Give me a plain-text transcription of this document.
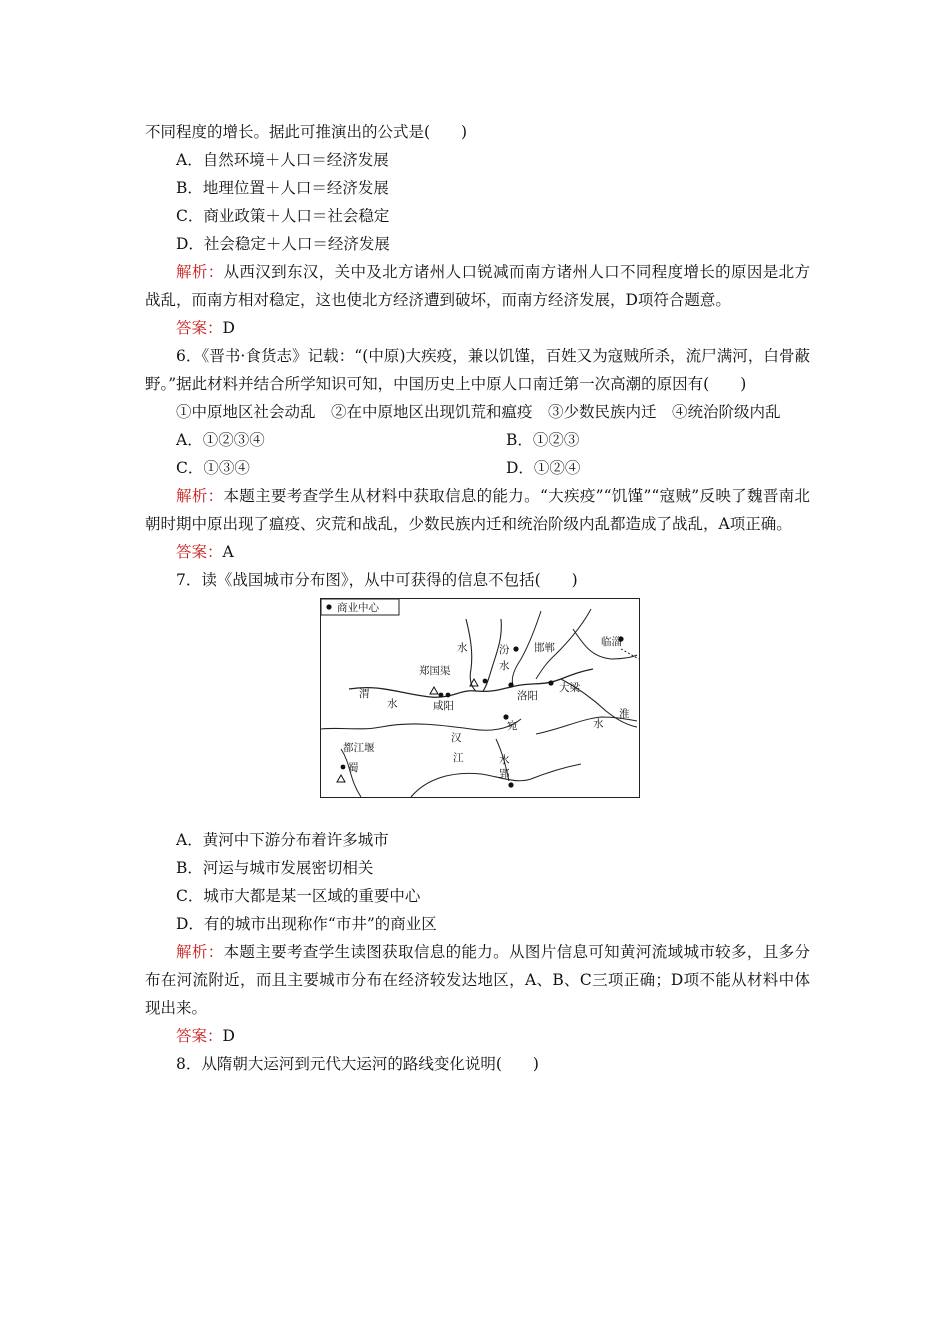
不同程度的增长。据此可推演出的公式是(　　)
A．自然环境＋人口＝经济发展
B．地理位置＋人口＝经济发展
C．商业政策＋人口＝社会稳定
D．社会稳定＋人口＝经济发展
解析：从西汉到东汉，关中及北方诸州人口锐减而南方诸州人口不同程度增长的原因是北方战乱，而南方相对稳定，这也使北方经济遭到破坏，而南方经济发展，D项符合题意。
答案：D
6．《晋书·食货志》记载：“(中原)大疾疫，兼以饥馑，百姓又为寇贼所杀，流尸满河，白骨蔽野。”据此材料并结合所学知识可知，中国历史上中原人口南迁第一次高潮的原因有(　　)
①中原地区社会动乱　②在中原地区出现饥荒和瘟疫　③少数民族内迁　④统治阶级内乱
A．①②③④	B．①②③
C．①③④	D．①②④
解析：本题主要考查学生从材料中获取信息的能力。“大疾疫”“饥馑”“寇贼”反映了魏晋南北朝时期中原出现了瘟疫、灾荒和战乱，少数民族内迁和统治阶级内乱都造成了战乱，A项正确。
答案：A
7．读《战国城市分布图》，从中可获得的信息不包括(　　)
商业中心
邯郸	临淄
郑国渠
咸阳
洛阳
大梁
宛
都江堰
蜀	郢
渭
水
水	汾
水
汉
江	水
淮
水
A．黄河中下游分布着许多城市
B．河运与城市发展密切相关
C．城市大都是某一区域的重要中心
D．有的城市出现称作“市井”的商业区
解析：本题主要考查学生读图获取信息的能力。从图片信息可知黄河流域城市较多，且多分布在河流附近，而且主要城市分布在经济较发达地区，A、B、C三项正确；D项不能从材料中体现出来。
答案：D
8．从隋朝大运河到元代大运河的路线变化说明(　　)
